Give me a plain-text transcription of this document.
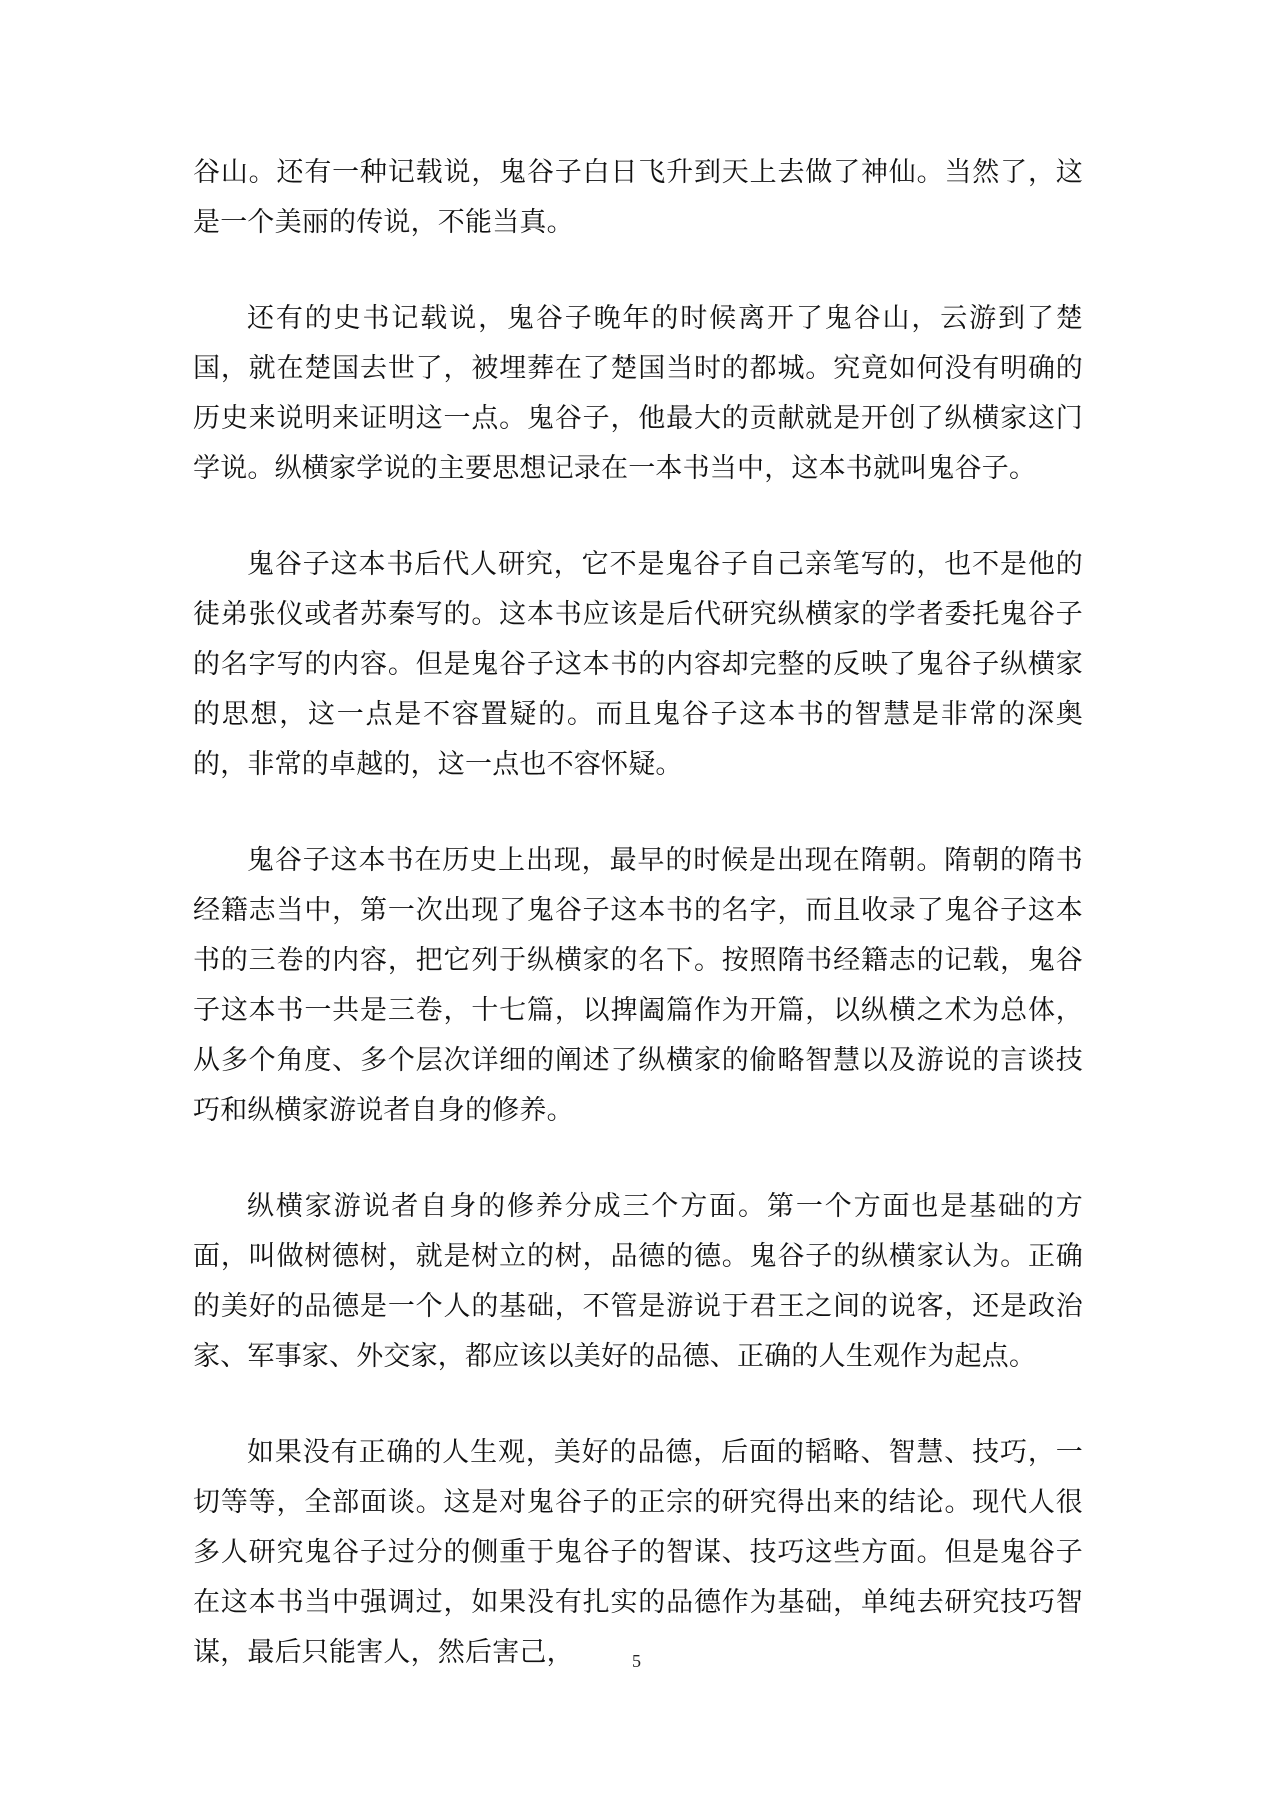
谷山。还有一种记载说，鬼谷子白日飞升到天上去做了神仙。当然了，这是一个美丽的传说，不能当真。

还有的史书记载说，鬼谷子晚年的时候离开了鬼谷山，云游到了楚国，就在楚国去世了，被埋葬在了楚国当时的都城。究竟如何没有明确的历史来说明来证明这一点。鬼谷子，他最大的贡献就是开创了纵横家这门学说。纵横家学说的主要思想记录在一本书当中，这本书就叫鬼谷子。

鬼谷子这本书后代人研究，它不是鬼谷子自己亲笔写的，也不是他的徒弟张仪或者苏秦写的。这本书应该是后代研究纵横家的学者委托鬼谷子的名字写的内容。但是鬼谷子这本书的内容却完整的反映了鬼谷子纵横家的思想，这一点是不容置疑的。而且鬼谷子这本书的智慧是非常的深奥的，非常的卓越的，这一点也不容怀疑。

鬼谷子这本书在历史上出现，最早的时候是出现在隋朝。隋朝的隋书经籍志当中，第一次出现了鬼谷子这本书的名字，而且收录了鬼谷子这本书的三卷的内容，把它列于纵横家的名下。按照隋书经籍志的记载，鬼谷子这本书一共是三卷，十七篇，以捭阖篇作为开篇，以纵横之术为总体，从多个角度、多个层次详细的阐述了纵横家的偷略智慧以及游说的言谈技巧和纵横家游说者自身的修养。

纵横家游说者自身的修养分成三个方面。第一个方面也是基础的方面，叫做树德树，就是树立的树，品德的德。鬼谷子的纵横家认为。正确的美好的品德是一个人的基础，不管是游说于君王之间的说客，还是政治家、军事家、外交家，都应该以美好的品德、正确的人生观作为起点。

如果没有正确的人生观，美好的品德，后面的韬略、智慧、技巧，一切等等，全部面谈。这是对鬼谷子的正宗的研究得出来的结论。现代人很多人研究鬼谷子过分的侧重于鬼谷子的智谋、技巧这些方面。但是鬼谷子在这本书当中强调过，如果没有扎实的品德作为基础，单纯去研究技巧智谋，最后只能害人，然后害己，	5
